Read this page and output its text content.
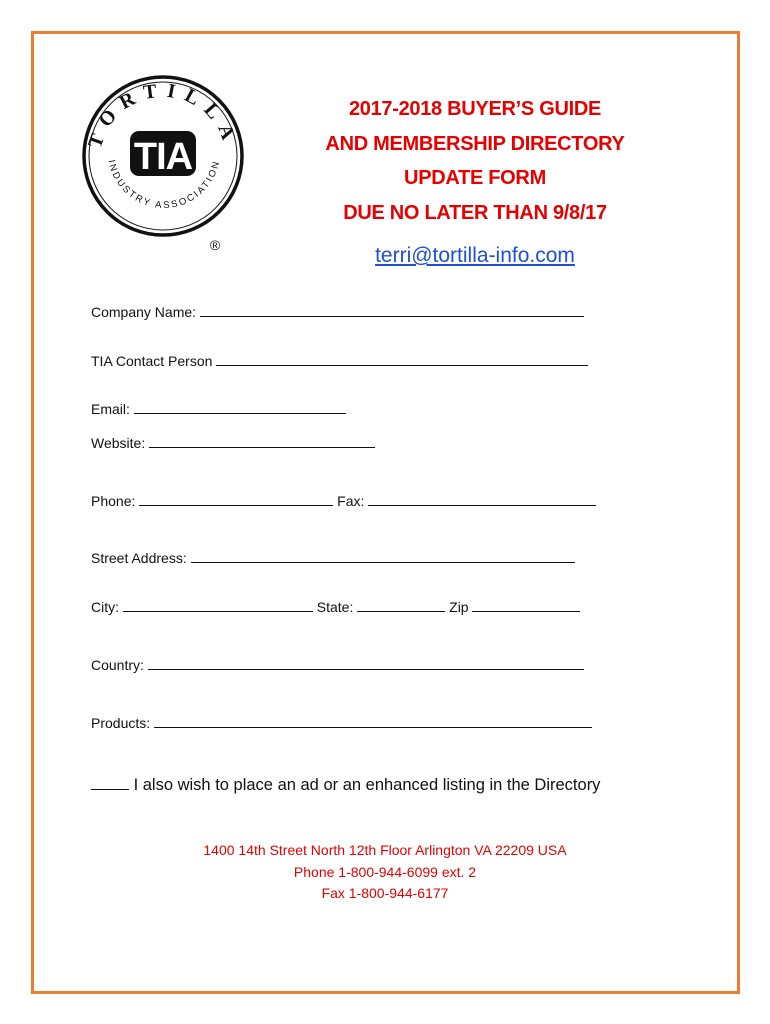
TORTILLA
INDUSTRY ASSOCIATION
TIA
®
2017-2018 BUYER’S GUIDE
AND MEMBERSHIP DIRECTORY
UPDATE FORM
DUE NO LATER THAN 9/8/17
terri@tortilla-info.com
Company Name:
TIA Contact Person
Email:
Website:
Phone:	Fax:
Street Address:
City:	State:	Zip
Country:
Products:
I also wish to place an ad or an enhanced listing in the Directory
1400 14th Street North 12th Floor Arlington VA 22209 USA
Phone 1-800-944-6099 ext. 2
Fax 1-800-944-6177
